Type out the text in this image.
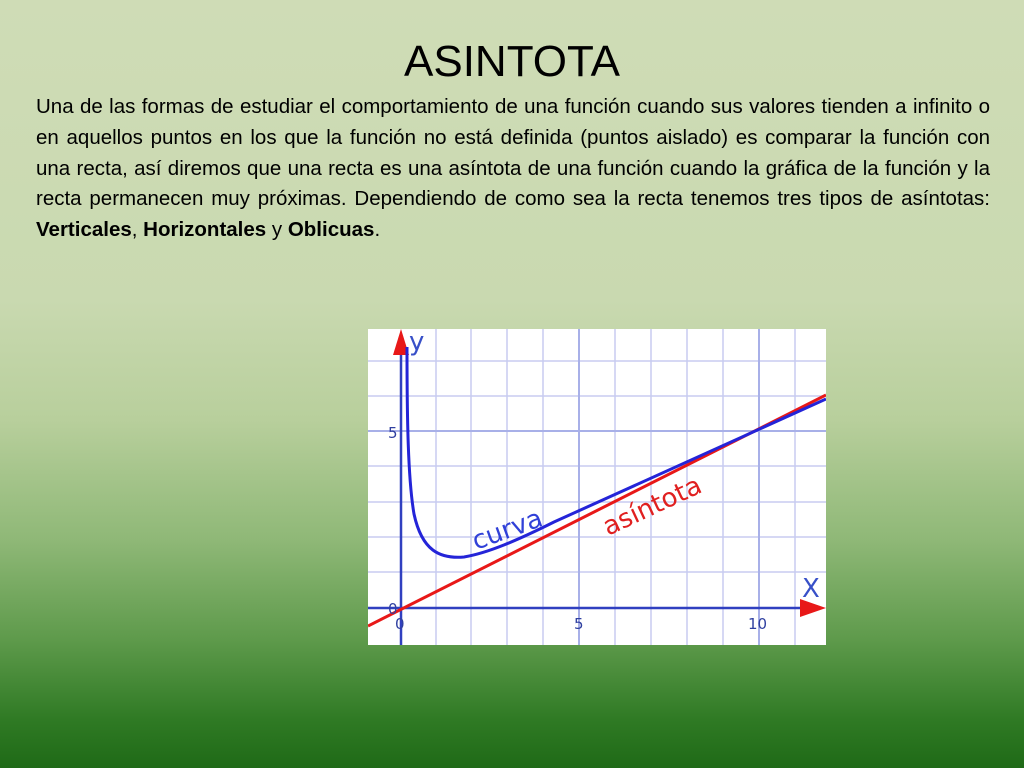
ASINTOTA
Una de las formas de estudiar el comportamiento de una función cuando sus valores tienden a infinito o en aquellos puntos en los que la función no está definida (puntos aislado) es comparar la función con una recta, así diremos que una recta es una asíntota de una función cuando la gráfica de la función y la recta permanecen muy próximas. Dependiendo de como sea la recta tenemos tres tipos de asíntotas: Verticales, Horizontales y Oblicuas.
y
X
0
5
0	5	10
curva asíntota
